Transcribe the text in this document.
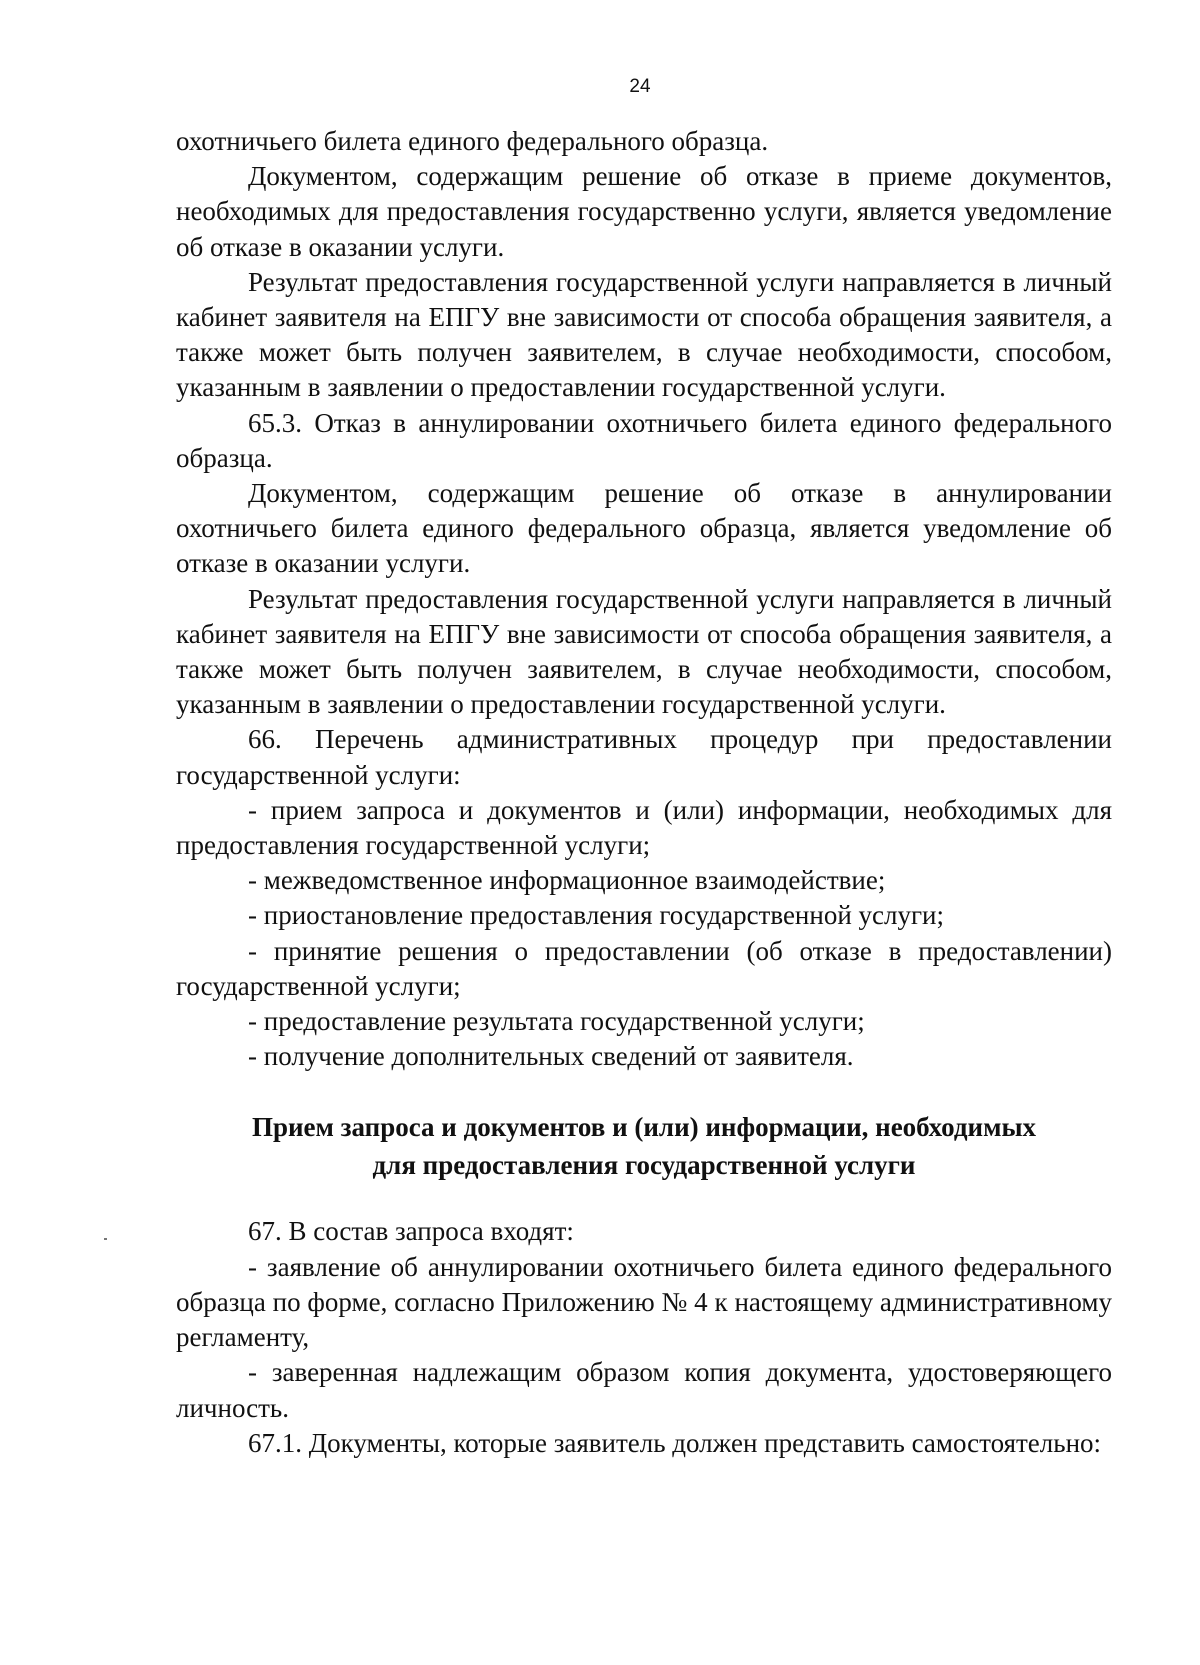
24

охотничьего билета единого федерального образца.

Документом, содержащим решение об отказе в приеме документов, необходимых для предоставления государственно услуги, является уведомление об отказе в оказании услуги.

Результат предоставления государственной услуги направляется в личный кабинет заявителя на ЕПГУ вне зависимости от способа обращения заявителя, а также может быть получен заявителем, в случае необходимости, способом, указанным в заявлении о предоставлении государственной услуги.

65.3. Отказ в аннулировании охотничьего билета единого федерального образца.

Документом, содержащим решение об отказе в аннулировании охотничьего билета единого федерального образца, является уведомление об отказе в оказании услуги.

Результат предоставления государственной услуги направляется в личный кабинет заявителя на ЕПГУ вне зависимости от способа обращения заявителя, а также может быть получен заявителем, в случае необходимости, способом, указанным в заявлении о предоставлении государственной услуги.

66. Перечень административных процедур при предоставлении государственной услуги:

- прием запроса и документов и (или) информации, необходимых для предоставления государственной услуги;

- межведомственное информационное взаимодействие;

- приостановление предоставления государственной услуги;

- принятие решения о предоставлении (об отказе в предоставлении) государственной услуги;

- предоставление результата государственной услуги;

- получение дополнительных сведений от заявителя.

Прием запроса и документов и (или) информации, необходимых
для предоставления государственной услуги

67. В состав запроса входят:

- заявление об аннулировании охотничьего билета единого федерального образца по форме, согласно Приложению № 4 к настоящему административному регламенту,

- заверенная надлежащим образом копия документа, удостоверяющего личность.

67.1. Документы, которые заявитель должен представить самостоятельно:
